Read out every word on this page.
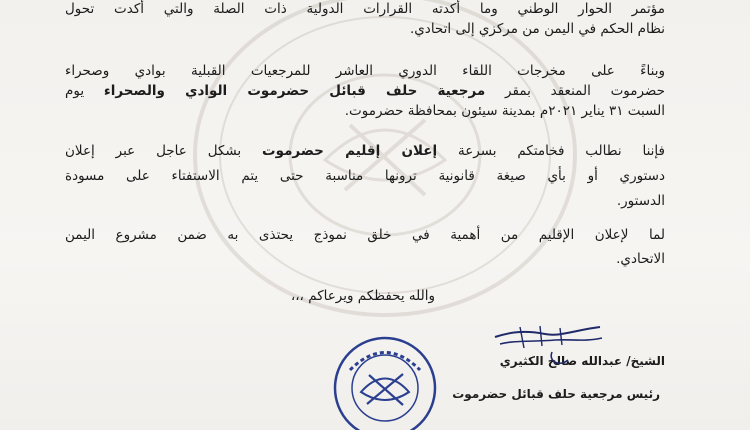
مؤتمر الحوار الوطني وما أكدته القرارات الدولية ذات الصلة والتي أكدت تحول
نظام الحكم في اليمن من مركزي إلى اتحادي.
وبناءً على مخرجات اللقاء الدوري العاشر للمرجعيات القبلية بوادي وصحراء
حضرموت المنعقد بمقر مرجعية حلف قبائل حضرموت الوادي والصحراء يوم
السبت ٣١ يناير ٢٠٢١م بمدينة سيئون بمحافظة حضرموت.
فإننا نطالب فخامتكم بسرعة إعلان إقليم حضرموت بشكل عاجل عبر إعلان
دستوري أو بأي صيغة قانونية ترونها مناسبة حتى يتم الاستفتاء على مسودة
الدستور.
لما لإعلان الإقليم من أهمية في خلق نموذج يحتذى به ضمن مشروع اليمن
الاتحادي.
والله يحفظكم ويرعاكم ،،،
الشيخ/ عبدالله صالح الكثيري
رئيس مرجعية حلف قبائل حضرموت
